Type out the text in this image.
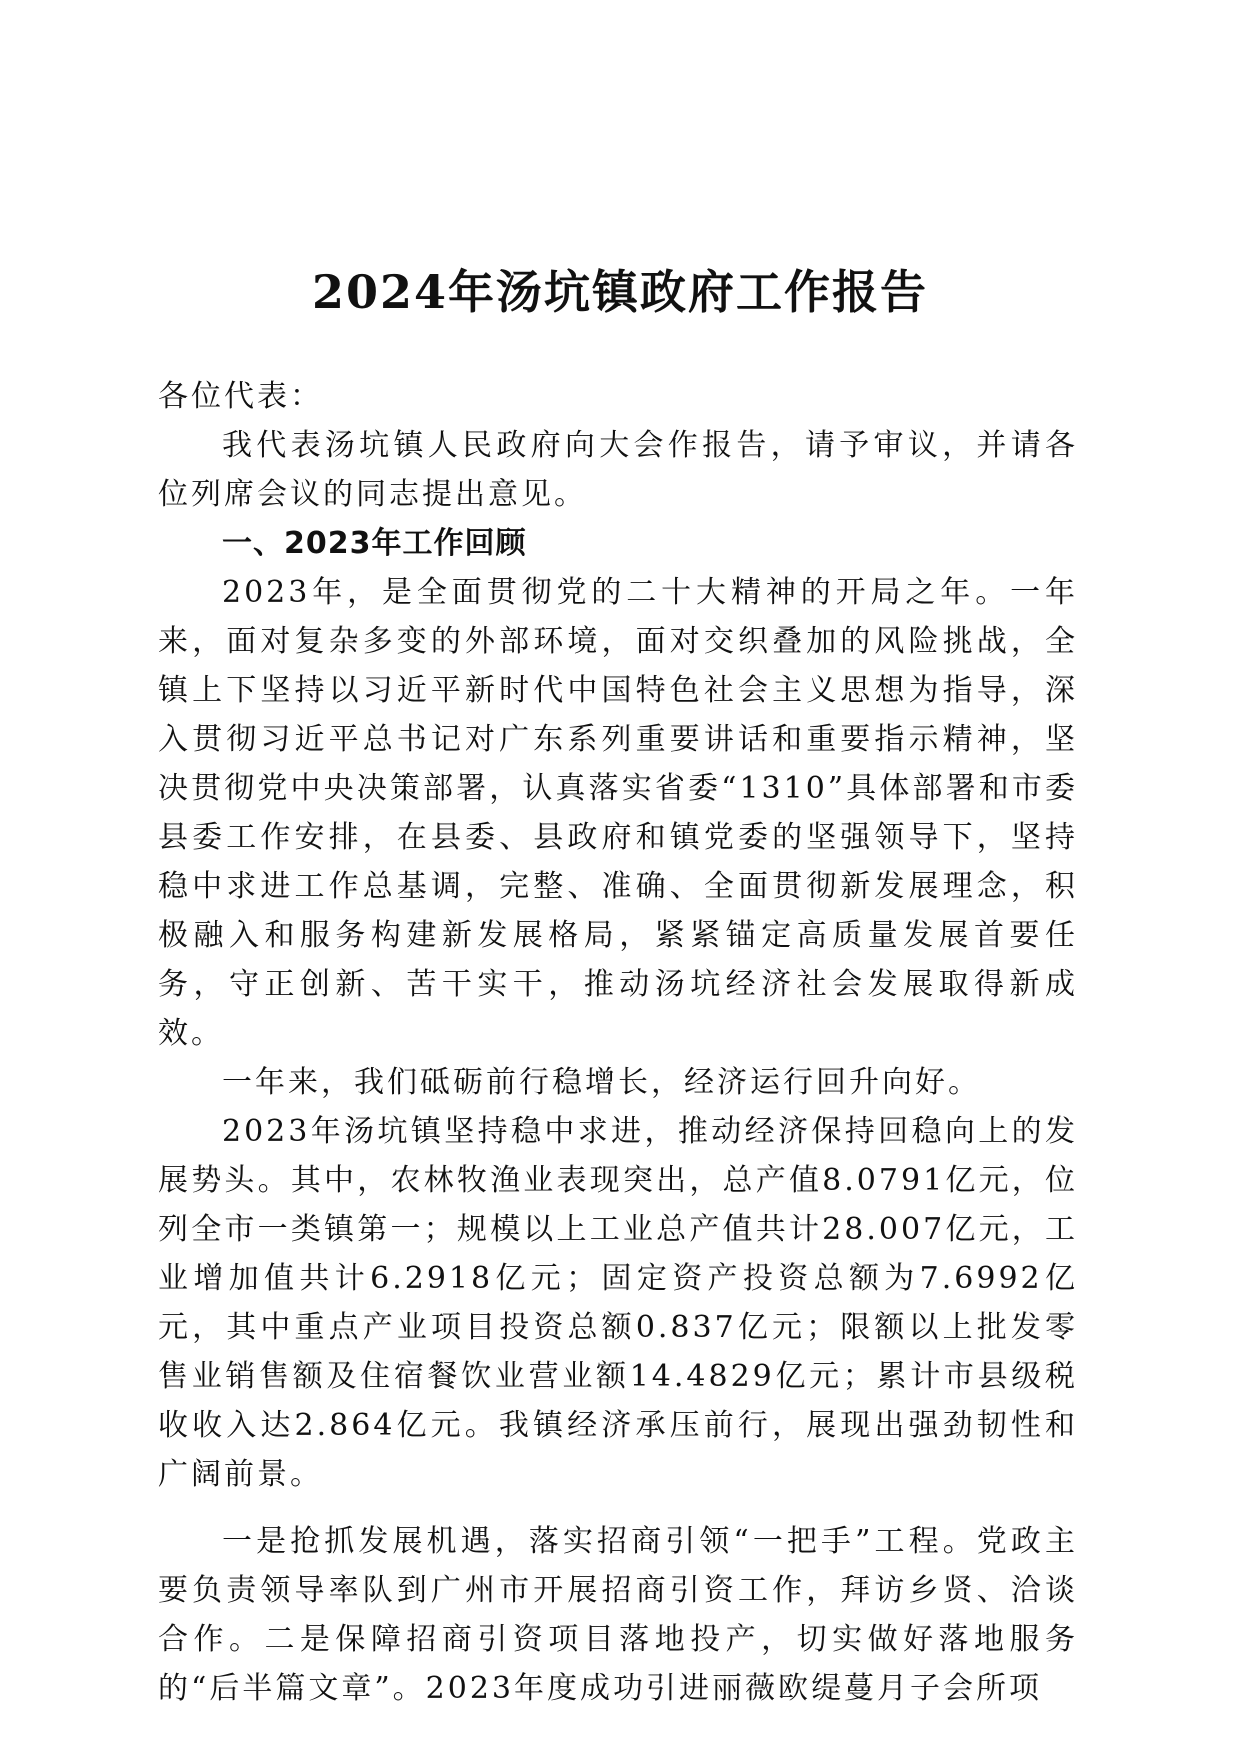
2024年汤坑镇政府工作报告

各位代表：

我代表汤坑镇人民政府向大会作报告，请予审议，并请各位列席会议的同志提出意见。

一、2023年工作回顾

2023年，是全面贯彻党的二十大精神的开局之年。一年来，面对复杂多变的外部环境，面对交织叠加的风险挑战，全镇上下坚持以习近平新时代中国特色社会主义思想为指导，深入贯彻习近平总书记对广东系列重要讲话和重要指示精神，坚决贯彻党中央决策部署，认真落实省委“1310”具体部署和市委县委工作安排，在县委、县政府和镇党委的坚强领导下，坚持稳中求进工作总基调，完整、准确、全面贯彻新发展理念，积极融入和服务构建新发展格局，紧紧锚定高质量发展首要任务，守正创新、苦干实干，推动汤坑经济社会发展取得新成效。

一年来，我们砥砺前行稳增长，经济运行回升向好。

2023年汤坑镇坚持稳中求进，推动经济保持回稳向上的发展势头。其中，农林牧渔业表现突出，总产值8.0791亿元，位列全市一类镇第一；规模以上工业总产值共计28.007亿元，工业增加值共计6.2918亿元；固定资产投资总额为7.6992亿元，其中重点产业项目投资总额0.837亿元；限额以上批发零售业销售额及住宿餐饮业营业额14.4829亿元；累计市县级税收收入达2.864亿元。我镇经济承压前行，展现出强劲韧性和广阔前景。

一是抢抓发展机遇，落实招商引领“一把手”工程。党政主要负责领导率队到广州市开展招商引资工作，拜访乡贤、洽谈合作。二是保障招商引资项目落地投产，切实做好落地服务的“后半篇文章”。2023年度成功引进丽薇欧缇蔓月子会所项
